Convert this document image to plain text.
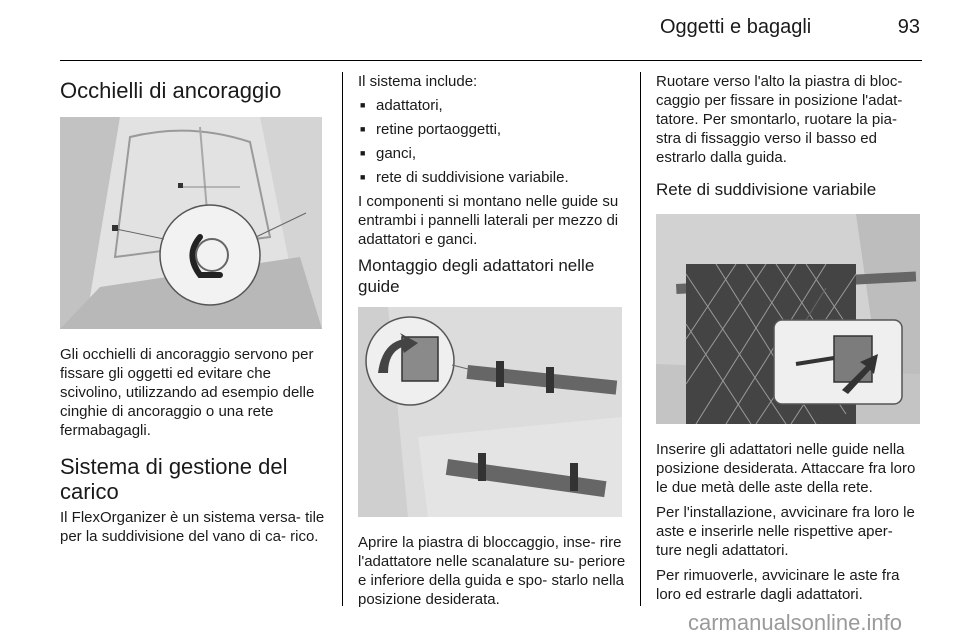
Oggetti e bagagli	93
Occhielli di ancoraggio

Gli occhielli di ancoraggio servono per fissare gli oggetti ed evitare che scivolino, utilizzando ad esempio delle cinghie di ancoraggio o una rete fermabagagli.

Sistema di gestione del carico

Il FlexOrganizer è un sistema versa- tile per la suddivisione del vano di ca- rico.

Il sistema include:

■ adattatori,
■ retine portaoggetti,
■ ganci,
■ rete di suddivisione variabile.

I componenti si montano nelle guide su entrambi i pannelli laterali per mezzo di adattatori e ganci.

Montaggio degli adattatori nelle guide

Aprire la piastra di bloccaggio, inse- rire l'adattatore nelle scanalature su- periore e inferiore della guida e spo- starlo nella posizione desiderata.

Ruotare verso l'alto la piastra di bloc- caggio per fissare in posizione l'adat- tatore. Per smontarlo, ruotare la pia- stra di fissaggio verso il basso ed estrarlo dalla guida.

Rete di suddivisione variabile

Inserire gli adattatori nelle guide nella posizione desiderata. Attaccare fra loro le due metà delle aste della rete.

Per l'installazione, avvicinare fra loro le aste e inserirle nelle rispettive aper- ture negli adattatori.

Per rimuoverle, avvicinare le aste fra loro ed estrarle dagli adattatori.

carmanualsonline.info
